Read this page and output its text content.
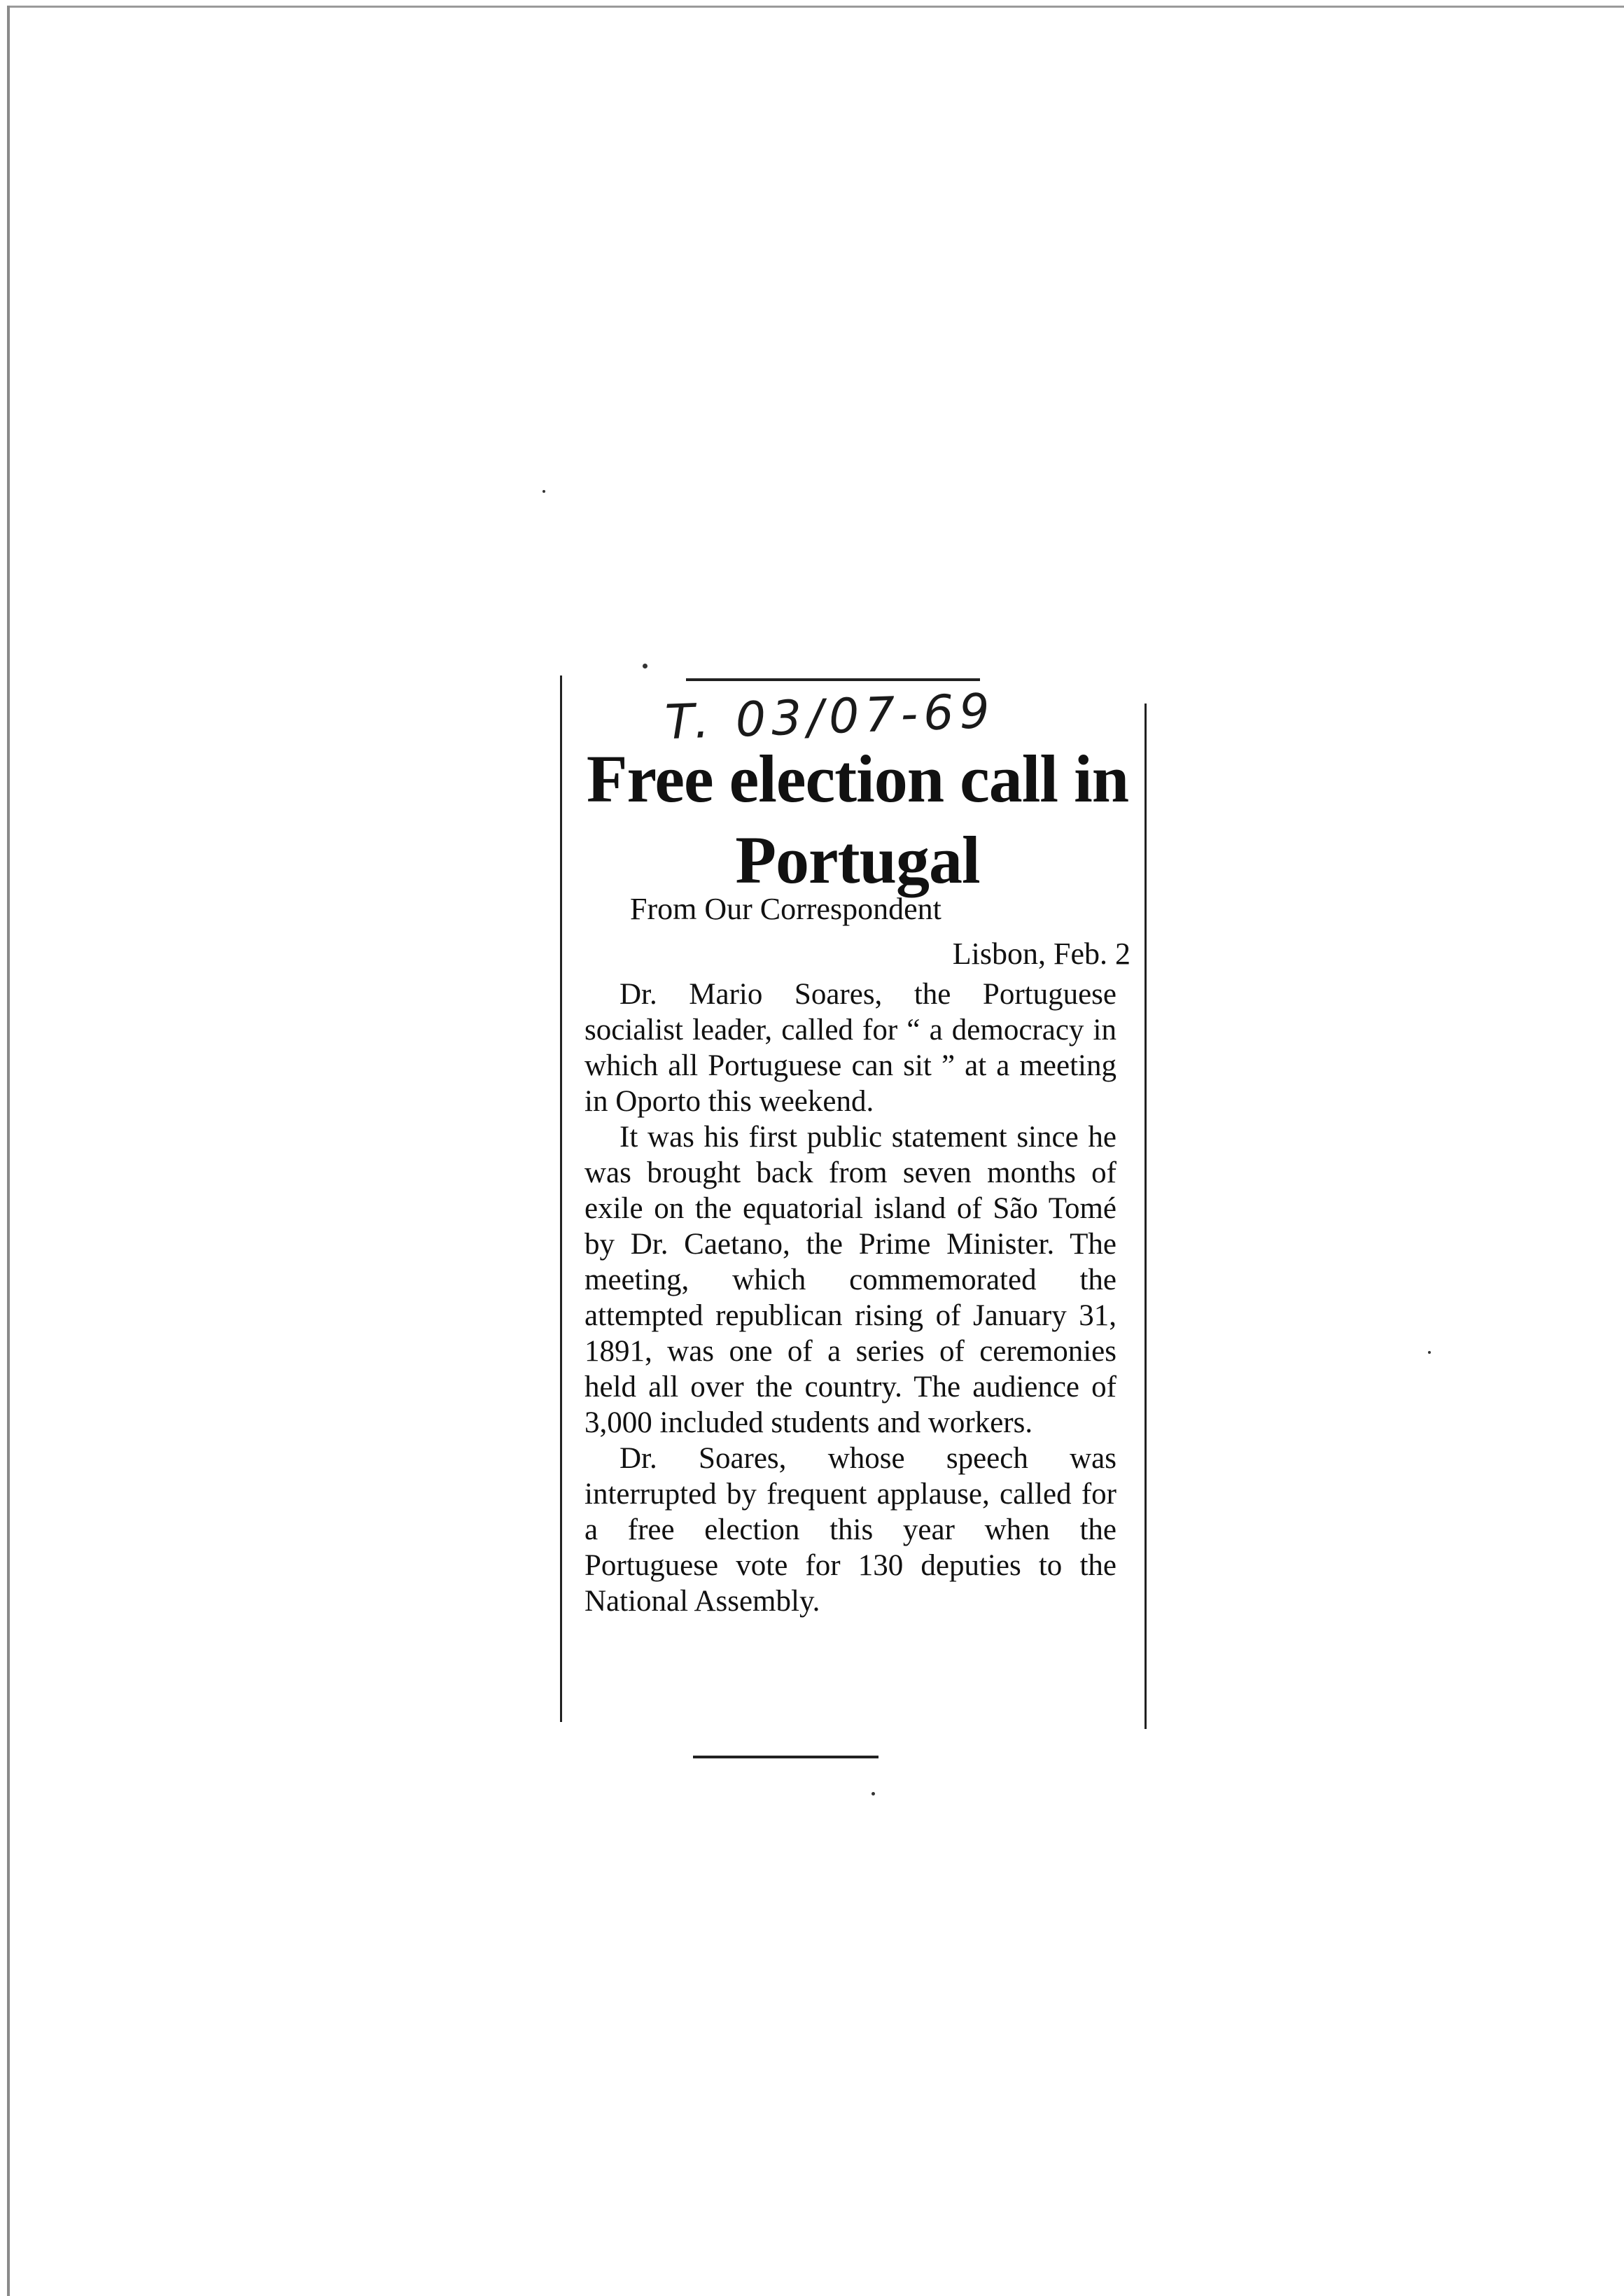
T. 03/07-69
Free election call in Portugal
From Our Correspondent
Lisbon, Feb. 2

Dr. Mario Soares, the Portuguese socialist leader, called for “ a democracy in which all Portuguese can sit ” at a meeting in Oporto this weekend.

It was his first public statement since he was brought back from seven months of exile on the equatorial island of São Tomé by Dr. Caetano, the Prime Minister. The meeting, which commemorated the attempted republican rising of January 31, 1891, was one of a series of ceremonies held all over the country. The audience of 3,000 included students and workers.

Dr. Soares, whose speech was interrupted by frequent applause, called for a free election this year when the Portuguese vote for 130 deputies to the National Assembly.
